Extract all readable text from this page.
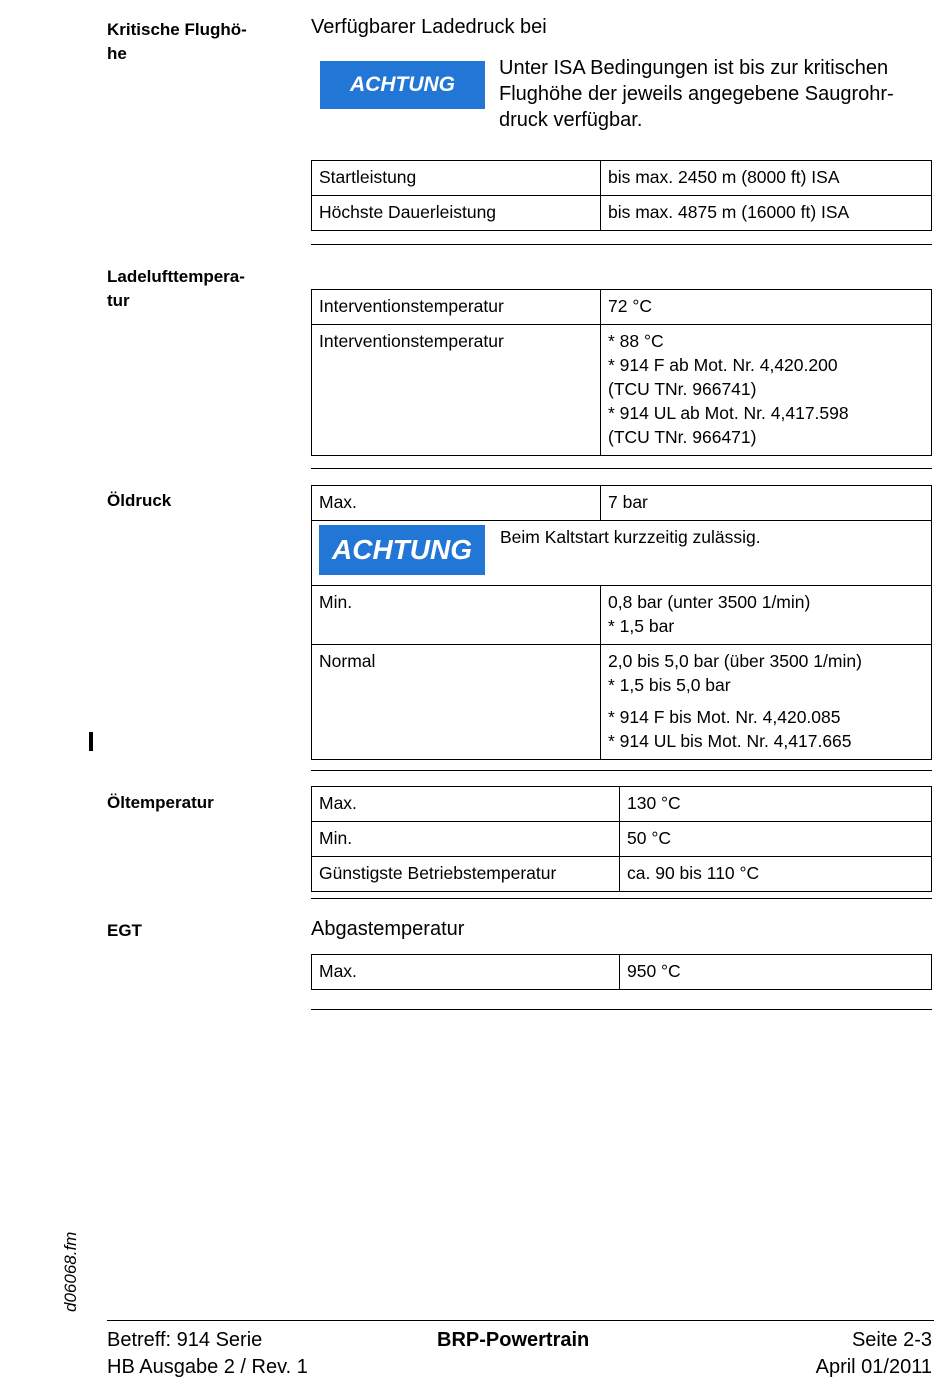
Kritische Flughö-
he
Verfügbarer Ladedruck bei
ACHTUNG
Unter ISA Bedingungen ist bis zur kritischen Flughöhe der jeweils angegebene Saugrohr-druck verfügbar.
Startleistung	bis max. 2450 m (8000 ft) ISA
Höchste Dauerleistung	bis max. 4875 m (16000 ft) ISA
Ladelufttempera-
tur	Interventionstemperatur	72 °C
Interventionstemperatur	* 88 °C
* 914 F ab Mot. Nr. 4,420.200
(TCU TNr. 966741)
* 914 UL ab Mot. Nr. 4,417.598
(TCU TNr. 966471)
Öldruck	Max.	7 bar

ACHTUNG Beim Kaltstart kurzzeitig zulässig.	

Min.	0,8 bar (unter 3500 1/min)
* 1,5 bar
Normal	2,0 bis 5,0 bar (über 3500 1/min)
* 1,5 bis 5,0 bar
* 914 F bis Mot. Nr. 4,420.085
* 914 UL bis Mot. Nr. 4,417.665
Öltemperatur	Max.	130 °C
Min.	50 °C
Günstigste Betriebstemperatur	ca. 90 bis 110 °C
EGT	Abgastemperatur
Max.	950 °C
d06068.fm
Betreff: 914 Serie
HB Ausgabe 2 / Rev. 1
BRP-Powertrain	Seite 2-3
April 01/2011
